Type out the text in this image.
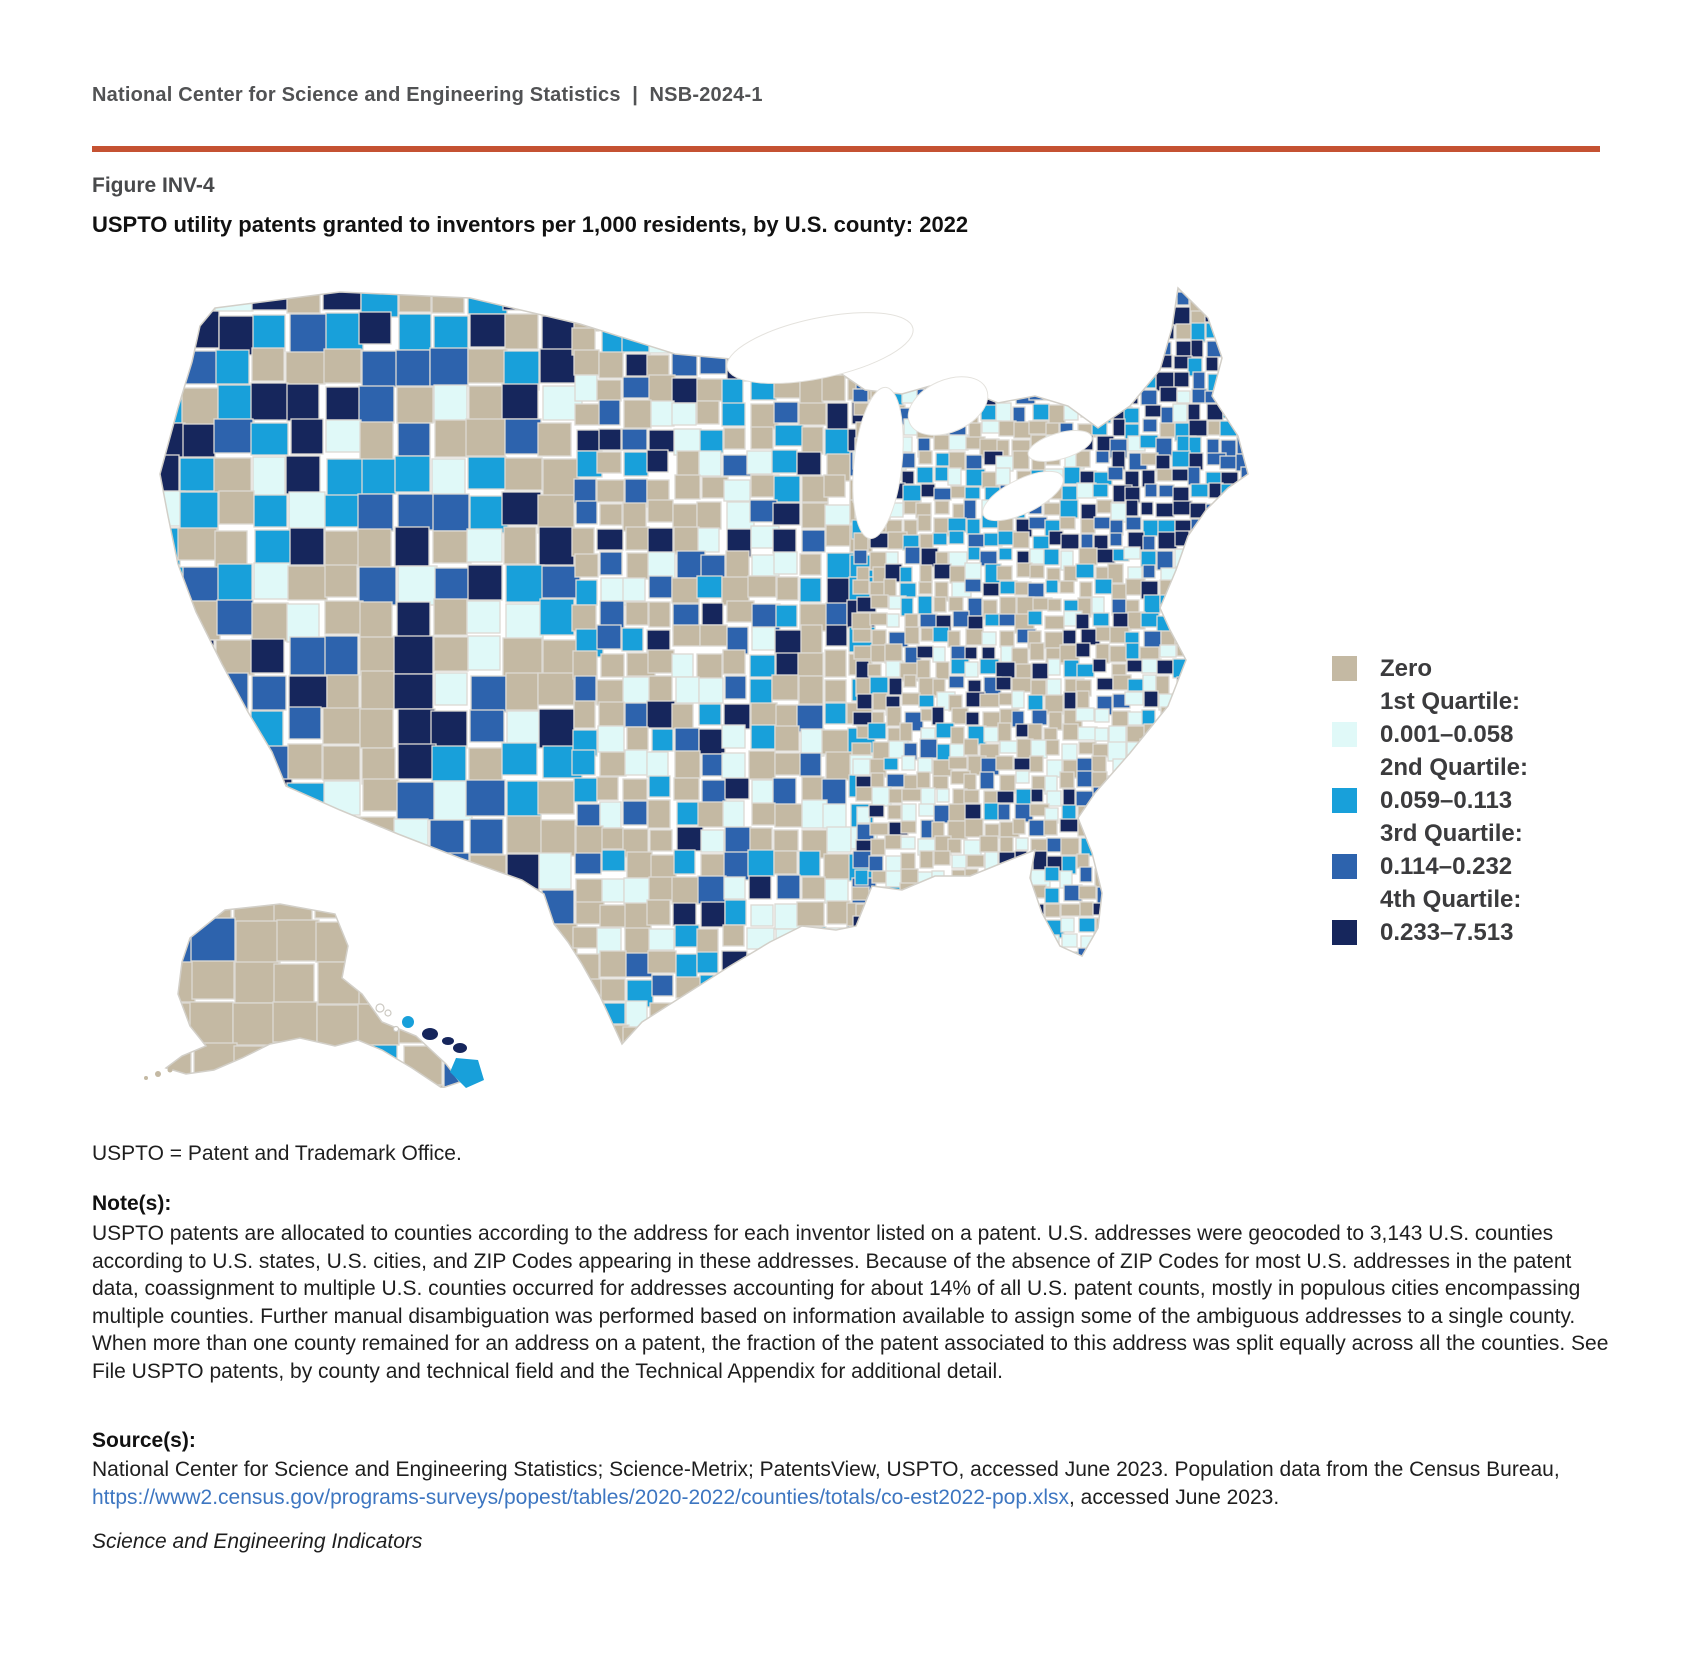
National Center for Science and Engineering Statistics  |  NSB-2024-1
Figure INV-4
USPTO utility patents granted to inventors per 1,000 residents, by U.S. county: 2022
Zero
1st Quartile:
0.001–0.058
2nd Quartile:
0.059–0.113
3rd Quartile:
0.114–0.232
4th Quartile:
0.233–7.513
USPTO = Patent and Trademark Office.
Note(s):
USPTO patents are allocated to counties according to the address for each inventor listed on a patent. U.S. addresses were geocoded to 3,143 U.S. counties according to U.S. states, U.S. cities, and ZIP Codes appearing in these addresses. Because of the absence of ZIP Codes for most U.S. addresses in the patent data, coassignment to multiple U.S. counties occurred for addresses accounting for about 14% of all U.S. patent counts, mostly in populous cities encompassing multiple counties. Further manual disambiguation was performed based on information available to assign some of the ambiguous addresses to a single county. When more than one county remained for an address on a patent, the fraction of the patent associated to this address was split equally across all the counties. See File USPTO patents, by county and technical field and the Technical Appendix for additional detail.
Source(s):
National Center for Science and Engineering Statistics; Science-Metrix; PatentsView, USPTO, accessed June 2023. Population data from the Census Bureau, https://www2.census.gov/programs-surveys/popest/tables/2020-2022/counties/totals/co-est2022-pop.xlsx, accessed June 2023.
Science and Engineering Indicators
